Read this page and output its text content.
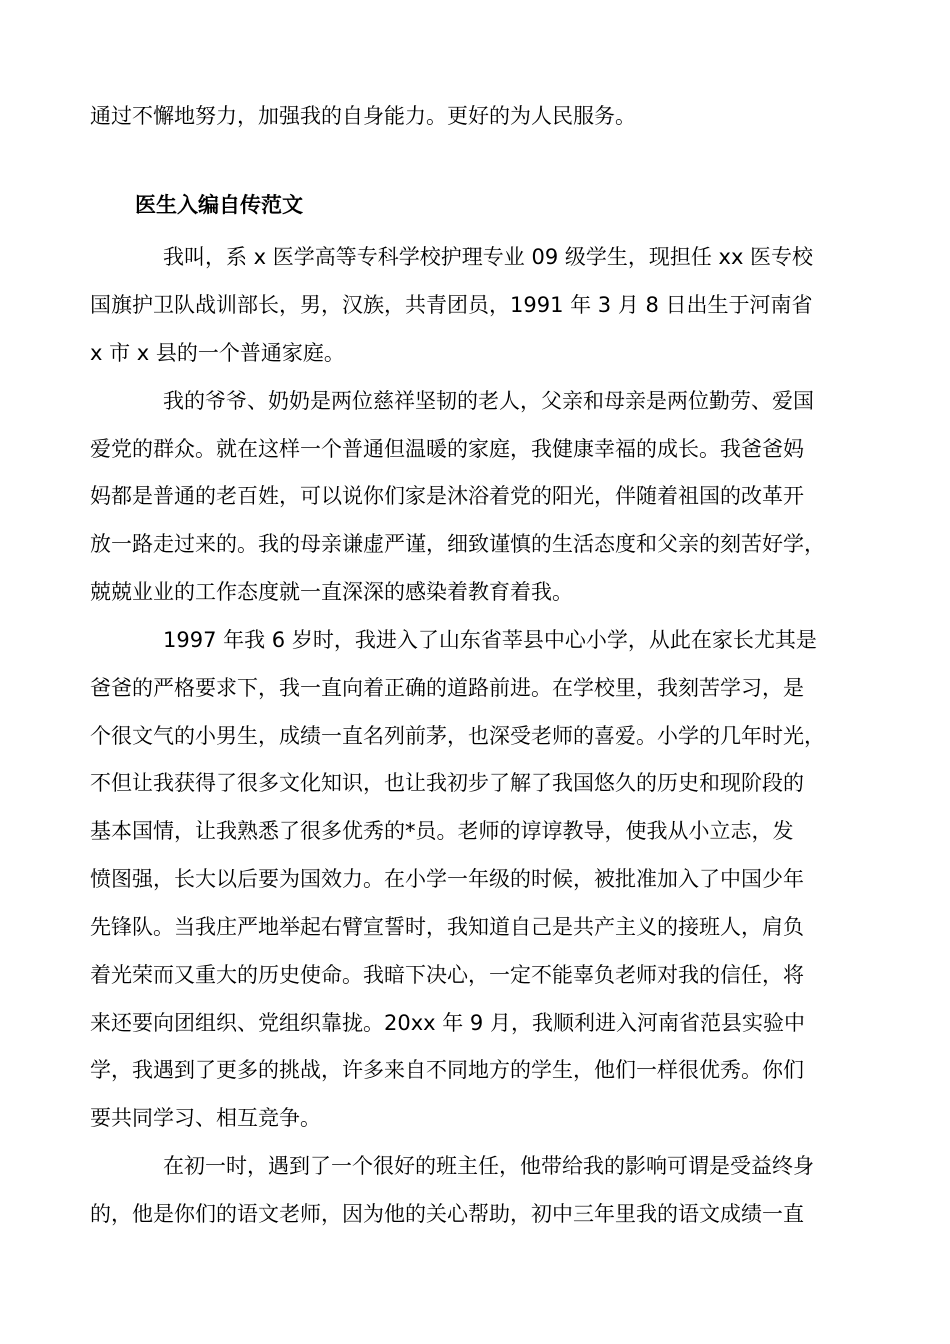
通过不懈地努力，加强我的自身能力。更好的为人民服务。
医生入编自传范文
我叫，系 x 医学高等专科学校护理专业 09 级学生，现担任 xx 医专校
国旗护卫队战训部长，男，汉族，共青团员，1991 年 3 月 8 日出生于河南省
x 市 x 县的一个普通家庭。
我的爷爷、奶奶是两位慈祥坚韧的老人，父亲和母亲是两位勤劳、爱国
爱党的群众。就在这样一个普通但温暖的家庭，我健康幸福的成长。我爸爸妈
妈都是普通的老百姓，可以说你们家是沐浴着党的阳光，伴随着祖国的改革开
放一路走过来的。我的母亲谦虚严谨，细致谨慎的生活态度和父亲的刻苦好学，
兢兢业业的工作态度就一直深深的感染着教育着我。
1997 年我 6 岁时，我进入了山东省莘县中心小学，从此在家长尤其是
爸爸的严格要求下，我一直向着正确的道路前进。在学校里，我刻苦学习，是
个很文气的小男生，成绩一直名列前茅，也深受老师的喜爱。小学的几年时光，
不但让我获得了很多文化知识，也让我初步了解了我国悠久的历史和现阶段的
基本国情，让我熟悉了很多优秀的*员。老师的谆谆教导，使我从小立志，发
愤图强，长大以后要为国效力。在小学一年级的时候，被批准加入了中国少年
先锋队。当我庄严地举起右臂宣誓时，我知道自己是共产主义的接班人，肩负
着光荣而又重大的历史使命。我暗下决心，一定不能辜负老师对我的信任，将
来还要向团组织、党组织靠拢。20xx 年 9 月，我顺利进入河南省范县实验中
学，我遇到了更多的挑战，许多来自不同地方的学生，他们一样很优秀。你们
要共同学习、相互竞争。
在初一时，遇到了一个很好的班主任，他带给我的影响可谓是受益终身
的，他是你们的语文老师，因为他的关心帮助，初中三年里我的语文成绩一直
